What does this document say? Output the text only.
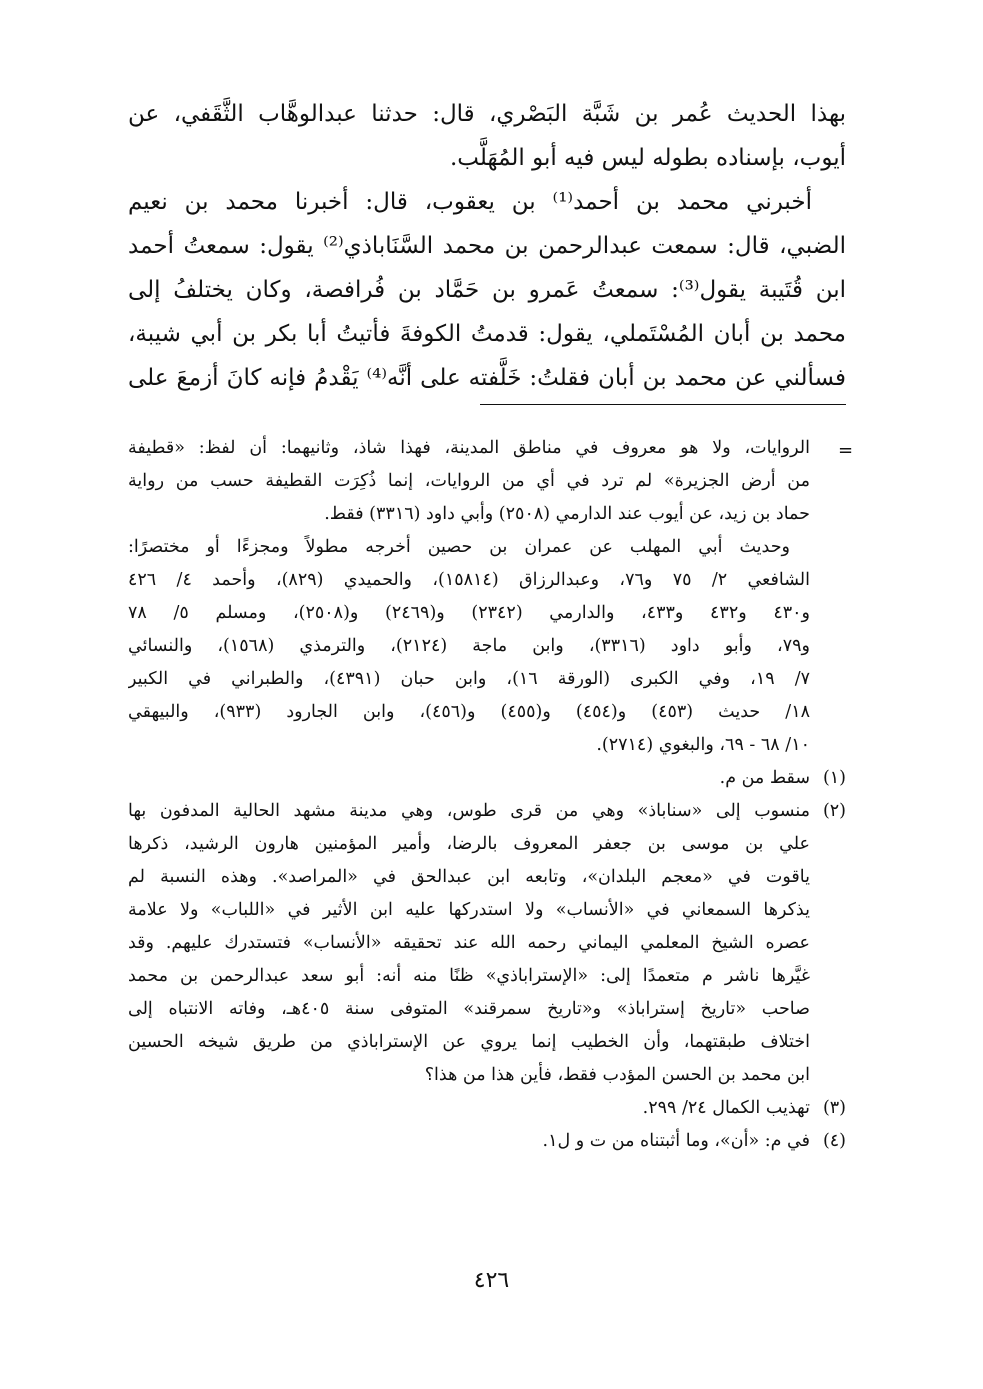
بهذا الحديث عُمر بن شَبَّة البَصْري، قال: حدثنا عبدالوهَّاب الثَّقَفي، عن
أيوب، بإسناده بطوله ليس فيه أبو المُهَلَّب.
أخبرني محمد بن أحمد⁽¹⁾ بن يعقوب، قال: أخبرنا محمد بن نعيم
الضبي، قال: سمعت عبدالرحمن بن محمد السَّنَاباذي⁽²⁾ يقول: سمعتُ أحمد
ابن قُتَيبة يقول⁽³⁾: سمعتُ عَمرو بن حَمَّاد بن فُرافصة، وكان يختلفُ إلى
محمد بن أبان المُسْتَملي، يقول: قدمتُ الكوفةَ فأتيتُ أبا بكر بن أبي شيبة،
فسألني عن محمد بن أبان فقلتُ: خَلَّفته على أنَّه⁽⁴⁾ يَقْدمُ فإنه كانَ أزمعَ على
=
الروايات، ولا هو معروف في مناطق المدينة، فهذا شاذ، وثانيهما: أن لفظ: «قطيفة
من أرض الجزيرة» لم ترد في أي من الروايات، إنما ذُكِرَت القطيفة حسب من رواية
حماد بن زيد، عن أيوب عند الدارمي (٢٥٠٨) وأبي داود (٣٣١٦) فقط.
وحديث أبي المهلب عن عمران بن حصين أخرجه مطولاً ومجزءًا أو مختصرًا:
الشافعي ٢/ ٧٥ و٧٦، وعبدالرزاق (١٥٨١٤)، والحميدي (٨٢٩)، وأحمد ٤/ ٤٢٦
و٤٣٠ و٤٣٢ و٤٣٣، والدارمي (٢٣٤٢) و(٢٤٦٩) و(٢٥٠٨)، ومسلم ٥/ ٧٨
و٧٩، وأبو داود (٣٣١٦)، وابن ماجة (٢١٢٤)، والترمذي (١٥٦٨)، والنسائي
٧/ ١٩، وفي الكبرى (الورقة ١٦)، وابن حبان (٤٣٩١)، والطبراني في الكبير
١٨/ حديث (٤٥٣) و(٤٥٤) و(٤٥٥) و(٤٥٦)، وابن الجارود (٩٣٣)، والبيهقي
١٠/ ٦٨ - ٦٩، والبغوي (٢٧١٤).
(١)
سقط من م.
(٢)
منسوب إلى «سناباذ» وهي من قرى طوس، وهي مدينة مشهد الحالية المدفون بها
علي بن موسى بن جعفر المعروف بالرضا، وأمير المؤمنين هارون الرشيد، ذكرها
ياقوت في «معجم البلدان»، وتابعه ابن عبدالحق في «المراصد». وهذه النسبة لم
يذكرها السمعاني في «الأنساب» ولا استدركها عليه ابن الأثير في «اللباب» ولا علامة
عصره الشيخ المعلمي اليماني رحمه الله عند تحقيقه «الأنساب» فتستدرك عليهم. وقد
غيَّرها ناشر م متعمدًا إلى: «الإستراباذي» ظنًا منه أنه: أبو سعد عبدالرحمن بن محمد
صاحب «تاريخ إستراباذ» و«تاريخ سمرقند» المتوفى سنة ٤٠٥هـ، وفاته الانتباه إلى
اختلاف طبقتهما، وأن الخطيب إنما يروي عن الإستراباذي من طريق شيخه الحسين
ابن محمد بن الحسن المؤدب فقط، فأين هذا من هذا؟
(٣)
تهذيب الكمال ٢٤/ ٢٩٩.
(٤)
في م: «أن»، وما أثبتناه من ت و ل١.
٤٢٦
